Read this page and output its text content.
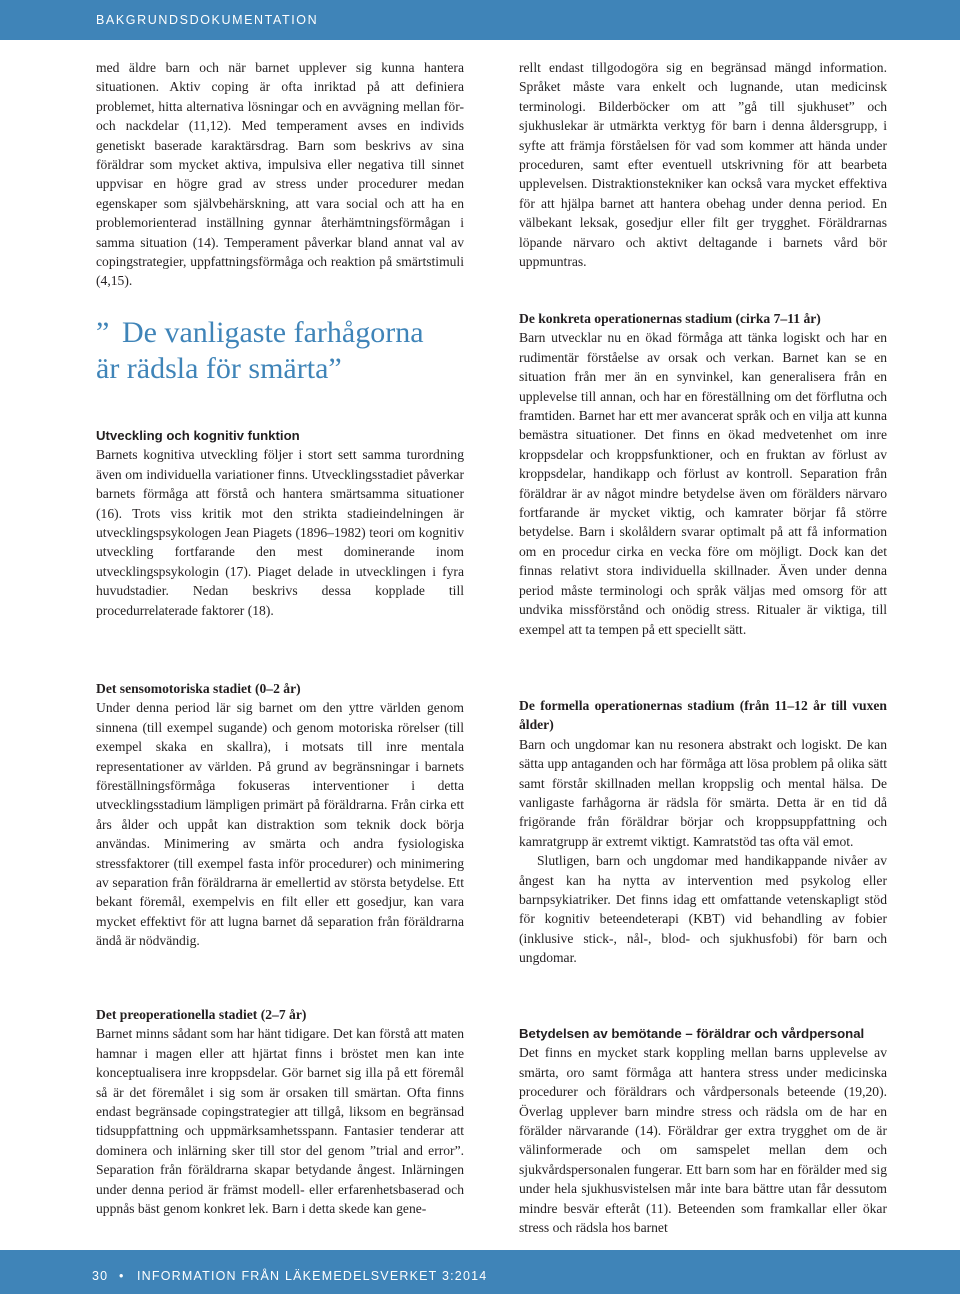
BAKGRUNDSDOKUMENTATION

med äldre barn och när barnet upplever sig kunna hantera situationen. Aktiv coping är ofta inriktad på att definiera problemet, hitta alternativa lösningar och en avvägning mellan för- och nackdelar (11,12). Med temperament avses en individs genetiskt baserade karaktärsdrag. Barn som beskrivs av sina föräldrar som mycket aktiva, impulsiva eller negativa till sinnet uppvisar en högre grad av stress under procedurer medan egenskaper som självbehärskning, att vara social och att ha en problemorienterad inställning gynnar återhämtningsförmågan i samma situation (14). Temperament påverkar bland annat val av copingstrategier, uppfattningsförmåga och reaktion på smärtstimuli (4,15).

” De vanligaste farhågorna
är rädsla för smärta”

Utveckling och kognitiv funktion

Barnets kognitiva utveckling följer i stort sett samma turordning även om individuella variationer finns. Utvecklingsstadiet påverkar barnets förmåga att förstå och hantera smärtsamma situationer (16). Trots viss kritik mot den strikta stadieindelningen är utvecklingspsykologen Jean Piagets (1896–1982) teori om kognitiv utveckling fortfarande den mest dominerande inom utvecklingspsykologin (17). Piaget delade in utvecklingen i fyra huvudstadier. Nedan beskrivs dessa kopplade till procedurrelaterade faktorer (18).

Det sensomotoriska stadiet (0–2 år)

Under denna period lär sig barnet om den yttre världen genom sinnena (till exempel sugande) och genom motoriska rörelser (till exempel skaka en skallra), i motsats till inre mentala representationer av världen. På grund av begränsningar i barnets föreställningsförmåga fokuseras interventioner i detta utvecklingsstadium lämpligen primärt på föräldrarna. Från cirka ett års ålder och uppåt kan distraktion som teknik dock börja användas. Minimering av smärta och andra fysiologiska stressfaktorer (till exempel fasta inför procedurer) och minimering av separation från föräldrarna är emellertid av största betydelse. Ett bekant föremål, exempelvis en filt eller ett gosedjur, kan vara mycket effektivt för att lugna barnet då separation från föräldrarna ändå är nödvändig.

Det preoperationella stadiet (2–7 år)

Barnet minns sådant som har hänt tidigare. Det kan förstå att maten hamnar i magen eller att hjärtat finns i bröstet men kan inte konceptualisera inre kroppsdelar. Gör barnet sig illa på ett föremål så är det föremålet i sig som är orsaken till smärtan. Ofta finns endast begränsade copingstrategier att tillgå, liksom en begränsad tidsuppfattning och uppmärksamhetsspann. Fantasier tenderar att dominera och inlärning sker till stor del genom ”trial and error”. Separation från föräldrarna skapar betydande ångest. Inlärningen under denna period är främst modell- eller erfarenhetsbaserad och uppnås bäst genom konkret lek. Barn i detta skede kan gene-

rellt endast tillgodogöra sig en begränsad mängd information. Språket måste vara enkelt och lugnande, utan medicinsk terminologi. Bilderböcker om att ”gå till sjukhuset” och sjukhuslekar är utmärkta verktyg för barn i denna åldersgrupp, i syfte att främja förståelsen för vad som kommer att hända under proceduren, samt efter eventuell utskrivning för att bearbeta upplevelsen. Distraktionstekniker kan också vara mycket effektiva för att hjälpa barnet att hantera obehag under denna period. En välbekant leksak, gosedjur eller filt ger trygghet. Föräldrarnas löpande närvaro och aktivt deltagande i barnets vård bör uppmuntras.

De konkreta operationernas stadium (cirka 7–11 år)

Barn utvecklar nu en ökad förmåga att tänka logiskt och har en rudimentär förståelse av orsak och verkan. Barnet kan se en situation från mer än en synvinkel, kan generalisera från en upplevelse till annan, och har en föreställning om det förflutna och framtiden. Barnet har ett mer avancerat språk och en vilja att kunna bemästra situationer. Det finns en ökad medvetenhet om inre kroppsdelar och kroppsfunktioner, och en fruktan av förlust av kroppsdelar, handikapp och förlust av kontroll. Separation från föräldrar är av något mindre betydelse även om förälders närvaro fortfarande är mycket viktig, och kamrater börjar få större betydelse. Barn i skolåldern svarar optimalt på att få information om en procedur cirka en vecka före om möjligt. Dock kan det finnas relativt stora individuella skillnader. Även under denna period måste terminologi och språk väljas med omsorg för att undvika missförstånd och onödig stress. Ritualer är viktiga, till exempel att ta tempen på ett speciellt sätt.

De formella operationernas stadium (från 11–12 år till vuxen ålder)

Barn och ungdomar kan nu resonera abstrakt och logiskt. De kan sätta upp antaganden och har förmåga att lösa problem på olika sätt samt förstår skillnaden mellan kroppslig och mental hälsa. De vanligaste farhågorna är rädsla för smärta. Detta är en tid då frigörande från föräldrar börjar och kroppsuppfattning och kamratgrupp är extremt viktigt. Kamratstöd tas ofta väl emot.

Slutligen, barn och ungdomar med handikappande nivåer av ångest kan ha nytta av intervention med psykolog eller barnpsykiatriker. Det finns idag ett omfattande vetenskapligt stöd för kognitiv beteendeterapi (KBT) vid behandling av fobier (inklusive stick-, nål-, blod- och sjukhusfobi) för barn och ungdomar.

Betydelsen av bemötande – föräldrar och vårdpersonal

Det finns en mycket stark koppling mellan barns upplevelse av smärta, oro samt förmåga att hantera stress under medicinska procedurer och föräldrars och vårdpersonals beteende (19,20). Överlag upplever barn mindre stress och rädsla om de har en förälder närvarande (14). Föräldrar ger extra trygghet om de är välinformerade och om samspelet mellan dem och sjukvårdspersonalen fungerar. Ett barn som har en förälder med sig under hela sjukhusvistelsen mår inte bara bättre utan får dessutom mindre besvär efteråt (11). Beteenden som framkallar eller ökar stress och rädsla hos barnet

30 • INFORMATION FRÅN LÄKEMEDELSVERKET 3:2014
